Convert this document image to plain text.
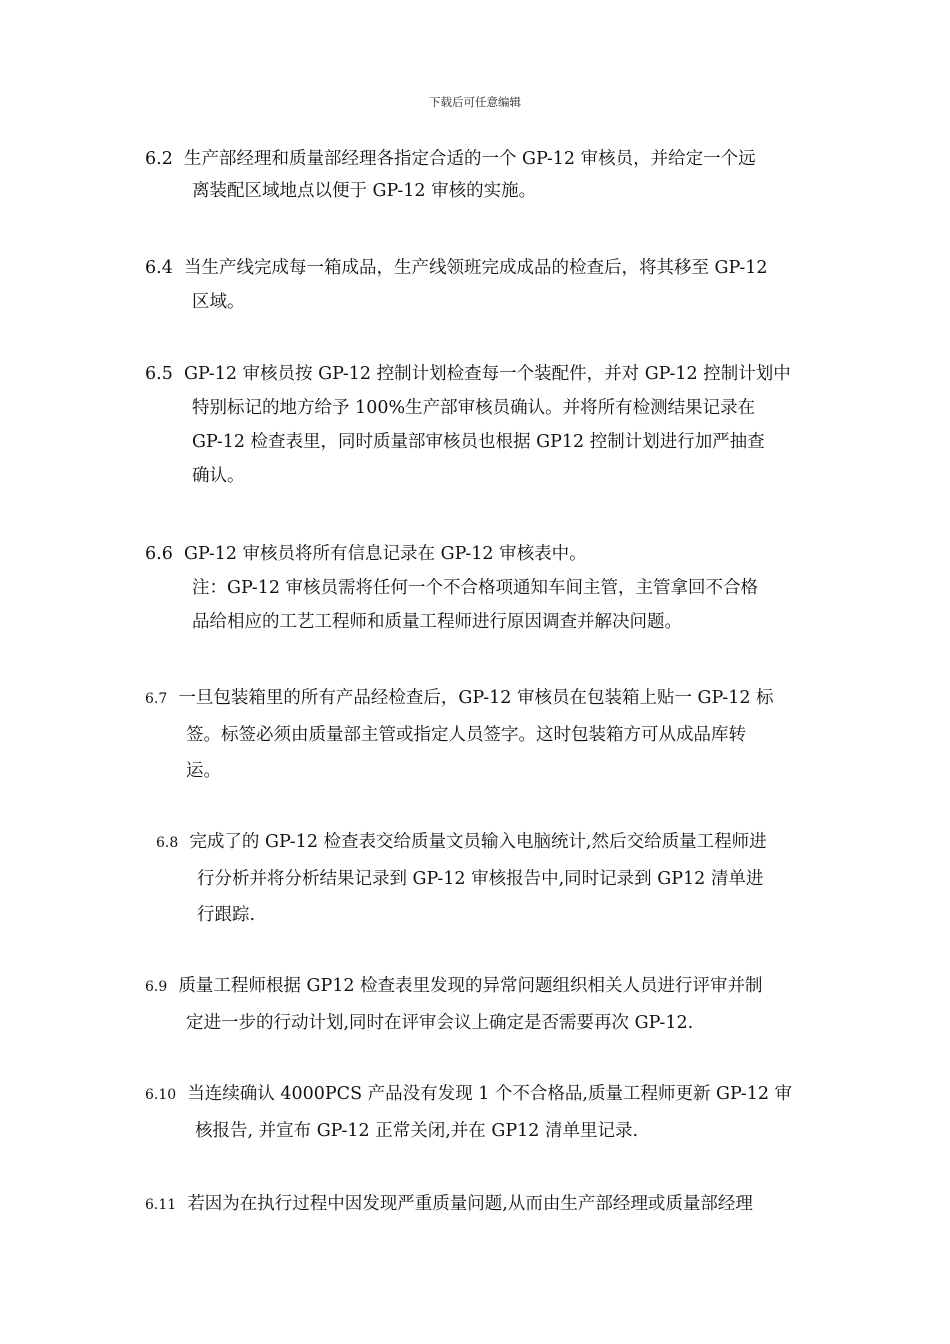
下载后可任意编辑
6.2 生产部经理和质量部经理各指定合适的一个 GP-12 审核员，并给定一个远
离装配区域地点以便于 GP-12 审核的实施。
6.4 当生产线完成每一箱成品，生产线领班完成成品的检查后，将其移至 GP-12
区域。
6.5 GP-12 审核员按 GP-12 控制计划检查每一个装配件，并对 GP-12 控制计划中
特别标记的地方给予 100%生产部审核员确认。并将所有检测结果记录在
GP-12 检查表里，同时质量部审核员也根据 GP12 控制计划进行加严抽查
确认。
6.6 GP-12 审核员将所有信息记录在 GP-12 审核表中。
注：GP-12 审核员需将任何一个不合格项通知车间主管，主管拿回不合格
品给相应的工艺工程师和质量工程师进行原因调查并解决问题。
6.7 一旦包装箱里的所有产品经检查后，GP-12 审核员在包装箱上贴一 GP-12 标
签。标签必须由质量部主管或指定人员签字。这时包装箱方可从成品库转
运。
6.8 完成了的 GP-12 检查表交给质量文员输入电脑统计,然后交给质量工程师进
行分析并将分析结果记录到 GP-12 审核报告中,同时记录到 GP12 清单进
行跟踪.
6.9 质量工程师根据 GP12 检查表里发现的异常问题组织相关人员进行评审并制
定进一步的行动计划,同时在评审会议上确定是否需要再次 GP-12.
6.10 当连续确认 4000PCS 产品没有发现 1 个不合格品,质量工程师更新 GP-12 审
核报告, 并宣布 GP-12 正常关闭,并在 GP12 清单里记录.
6.11 若因为在执行过程中因发现严重质量问题,从而由生产部经理或质量部经理
